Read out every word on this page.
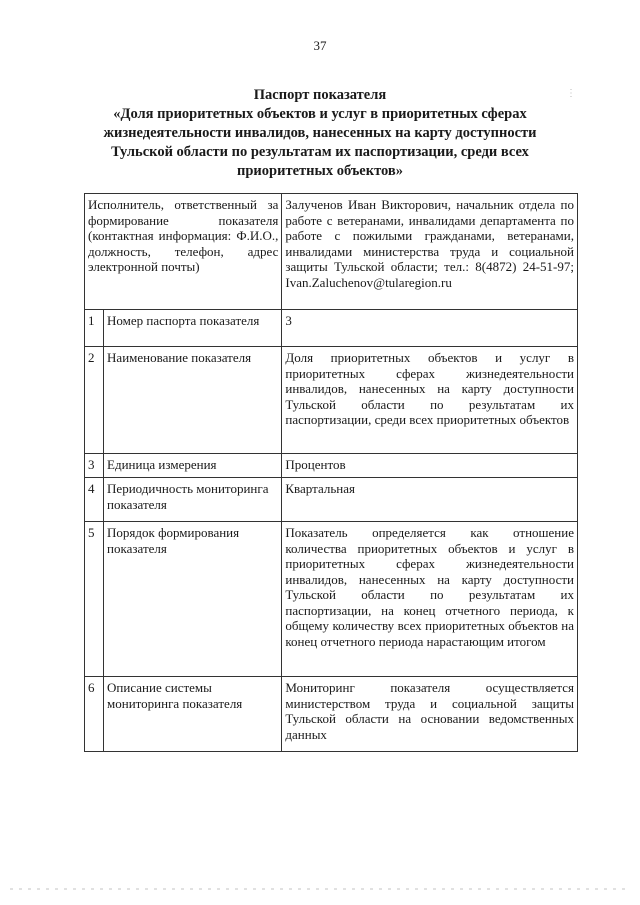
37
Паспорт показателя
«Доля приоритетных объектов и услуг в приоритетных сферах
жизнедеятельности инвалидов, нанесенных на карту доступности
Тульской области по результатам их паспортизации, среди всех
приоритетных объектов»
⋮
Исполнитель, ответственный за формирование показателя (контактная информация: Ф.И.О., должность, телефон, адрес электронной почты)		Залученов Иван Викторович, начальник отдела по работе с ветеранами, инвалидами департамента по работе с пожилыми гражданами, ветеранами, инвалидами министерства труда и социальной защиты Тульской области; тел.: 8(4872) 24-51-97; Ivan.Zaluchenov@tularegion.ru
1	Номер паспорта показателя	3
2	Наименование показателя	Доля приоритетных объектов и услуг в приоритетных сферах жизнедеятельности инвалидов, нанесенных на карту доступности Тульской области по результатам их паспортизации, среди всех приоритетных объектов
3	Единица измерения	Процентов
4	Периодичность мониторинга показателя	Квартальная
5	Порядок формирования показателя	Показатель определяется как отношение количества приоритетных объектов и услуг в приоритетных сферах жизнедеятельности инвалидов, нанесенных на карту доступности Тульской области по результатам их паспортизации, на конец отчетного периода, к общему количеству всех приоритетных объектов на конец отчетного периода нарастающим итогом
6	Описание системы мониторинга показателя	Мониторинг показателя осуществляется министерством труда и социальной защиты Тульской области на основании ведомственных данных
